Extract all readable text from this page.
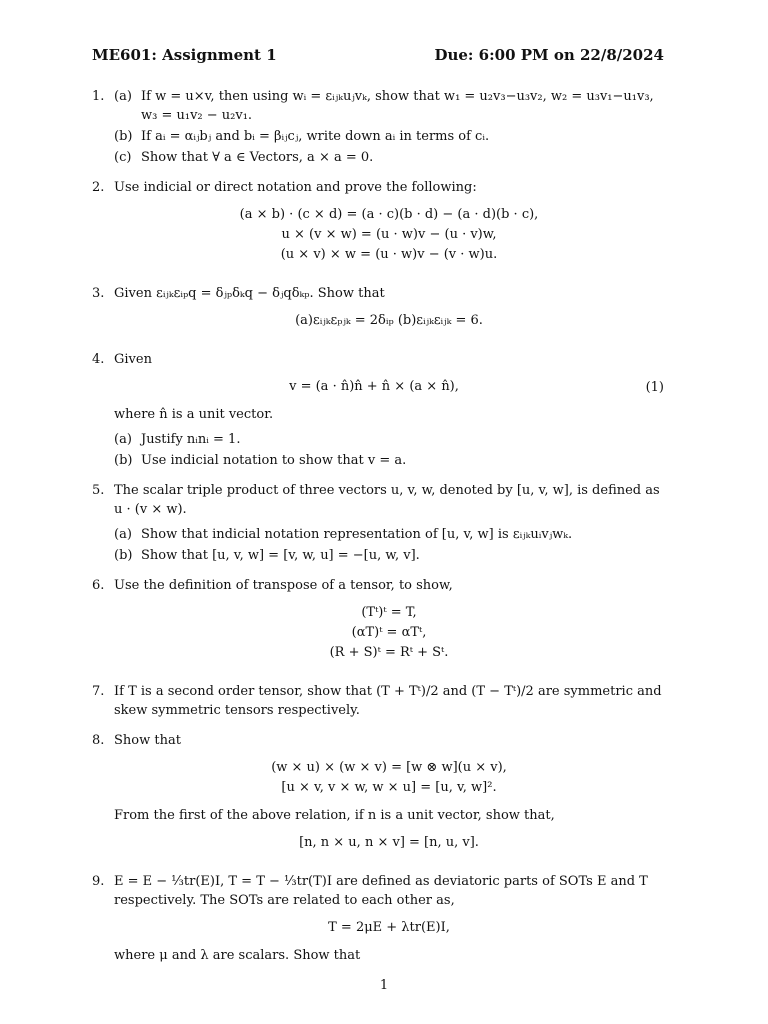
ME601: Assignment 1	Due: 6:00 PM on 22/8/2024
1. (a) If w = u×v, then using wᵢ = εᵢⱼₖuⱼvₖ, show that w₁ = u₂v₃−u₃v₂, w₂ = u₃v₁−u₁v₃, w₃ = u₁v₂ − u₂v₁.
(b) If aᵢ = αᵢⱼbⱼ and bᵢ = βᵢⱼcⱼ, write down aᵢ in terms of cᵢ.
(c) Show that ∀ a ∈ Vectors, a × a = 0.
2. Use indicial or direct notation and prove the following:
(a × b) · (c × d) = (a · c)(b · d) − (a · d)(b · c),
u × (v × w) = (u · w)v − (u · v)w,
(u × v) × w = (u · w)v − (v · w)u.
3. Given εᵢⱼₖεᵢₚq = δⱼₚδₖq − δⱼqδₖₚ. Show that
(a)εᵢⱼₖεₚⱼₖ = 2δᵢₚ (b)εᵢⱼₖεᵢⱼₖ = 6.
4. Given
v = (a · n̂)n̂ + n̂ × (a × n̂),	(1)
where n̂ is a unit vector.
(a) Justify nᵢnᵢ = 1.
(b) Use indicial notation to show that v = a.
5. The scalar triple product of three vectors u, v, w, denoted by [u, v, w], is defined as u · (v × w).
(a) Show that indicial notation representation of [u, v, w] is εᵢⱼₖuᵢvⱼwₖ.
(b) Show that [u, v, w] = [v, w, u] = −[u, w, v].
6. Use the definition of transpose of a tensor, to show,
(Tᵗ)ᵗ = T,
(αT)ᵗ = αTᵗ,
(R + S)ᵗ = Rᵗ + Sᵗ.
7. If T is a second order tensor, show that (T + Tᵗ)/2 and (T − Tᵗ)/2 are symmetric and skew symmetric tensors respectively.
8. Show that
(w × u) × (w × v) = [w ⊗ w](u × v),
[u × v, v × w, w × u] = [u, v, w]².
From the first of the above relation, if n is a unit vector, show that,
[n, n × u, n × v] = [n, u, v].
9. E = E − ⅓tr(E)I, T = T − ⅓tr(T)I are defined as deviatoric parts of SOTs E and T respectively. The SOTs are related to each other as,
T = 2μE + λtr(E)I,
where μ and λ are scalars. Show that
1
